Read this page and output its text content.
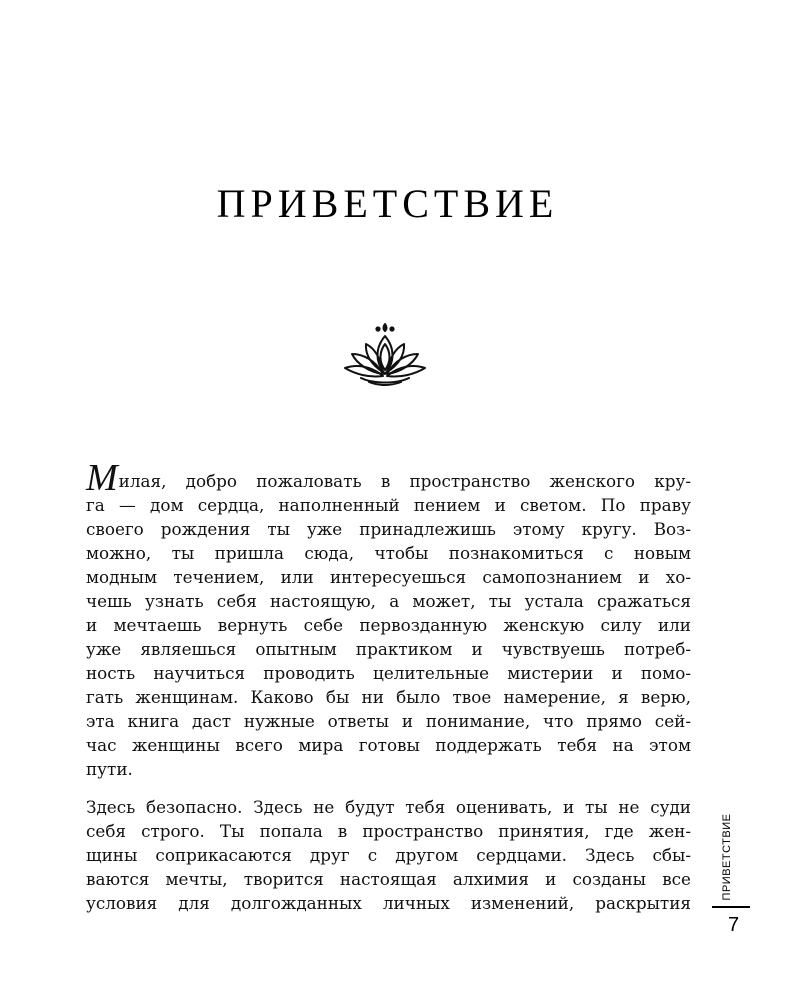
ПРИВЕТСТВИЕ
Милая, добро пожаловать в пространство женского кру-
га — дом сердца, наполненный пением и светом. По праву
своего рождения ты уже принадлежишь этому кругу. Воз-
можно, ты пришла сюда, чтобы познакомиться с новым
модным течением, или интересуешься самопознанием и хо-
чешь узнать себя настоящую, а может, ты устала сражаться
и мечтаешь вернуть себе первозданную женскую силу или
уже являешься опытным практиком и чувствуешь потреб-
ность научиться проводить целительные мистерии и помо-
гать женщинам. Каково бы ни было твое намерение, я верю,
эта книга даст нужные ответы и понимание, что прямо сей-
час женщины всего мира готовы поддержать тебя на этом
пути.
Здесь безопасно. Здесь не будут тебя оценивать, и ты не суди
себя строго. Ты попала в пространство принятия, где жен-
щины соприкасаются друг с другом сердцами. Здесь сбы-
ваются мечты, творится настоящая алхимия и созданы все
условия для долгожданных личных изменений, раскрытия
ПРИВЕТСТВИЕ
7
